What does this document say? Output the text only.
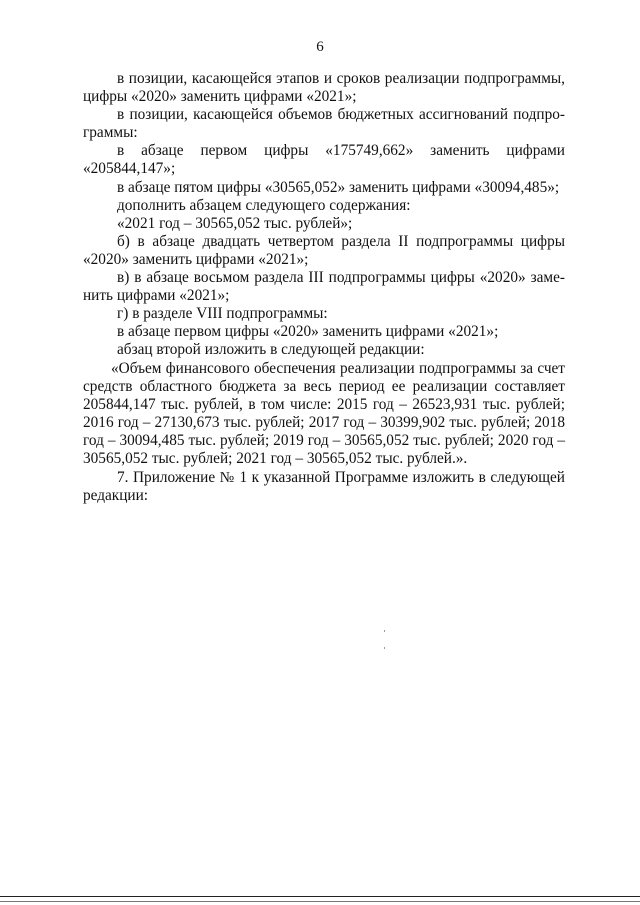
6

в позиции, касающейся этапов и сроков реализации подпрограммы, цифры «2020» заменить цифрами «2021»;

в позиции, касающейся объемов бюджетных ассигнований подпрограммы:

в абзаце первом цифры «175749,662» заменить цифрами «205844,147»;

в абзаце пятом цифры «30565,052» заменить цифрами «30094,485»;

дополнить абзацем следующего содержания:

«2021 год – 30565,052 тыс. рублей»;

б) в абзаце двадцать четвертом раздела II подпрограммы цифры «2020» заменить цифрами «2021»;

в) в абзаце восьмом раздела III подпрограммы цифры «2020» заменить цифрами «2021»;

г) в разделе VIII подпрограммы:

в абзаце первом цифры «2020» заменить цифрами «2021»;

абзац второй изложить в следующей редакции:

«Объем финансового обеспечения реализации подпрограммы за счет средств областного бюджета за весь период ее реализации составляет 205844,147 тыс. рублей, в том числе: 2015 год – 26523,931 тыс. рублей; 2016 год – 27130,673 тыс. рублей; 2017 год – 30399,902 тыс. рублей; 2018 год – 30094,485 тыс. рублей; 2019 год – 30565,052 тыс. рублей; 2020 год – 30565,052 тыс. рублей; 2021 год – 30565,052 тыс. рублей.».

7. Приложение № 1 к указанной Программе изложить в следующей редакции:
